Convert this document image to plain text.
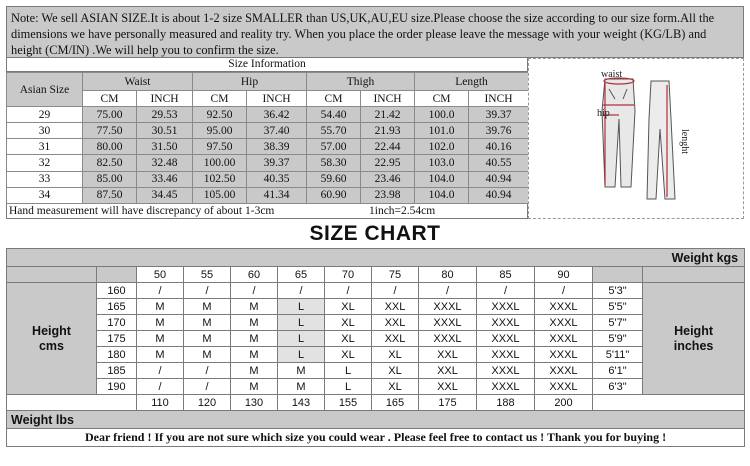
Note: We sell ASIAN SIZE.It is about 1-2 size SMALLER than US,UK,AU,EU size.Please choose the size according to our size form.All the dimensions we have personally measured and reality try. When you place the order please leave the message with your weight (KG/LB) and height (CM/IN) .We will help you to confirm the size.
Size Information
Asian Size	Waist		Hip		Thigh		Length	
	CM	INCH	CM	INCH	CM	INCH	CM	INCH
29	75.00	29.53	92.50	36.42	54.40	21.42	100.0	39.37
30	77.50	30.51	95.00	37.40	55.70	21.93	101.0	39.76
31	80.00	31.50	97.50	38.39	57.00	22.44	102.0	40.16
32	82.50	32.48	100.00	39.37	58.30	22.95	103.0	40.55
33	85.00	33.46	102.50	40.35	59.60	23.46	104.0	40.94
34	87.50	34.45	105.00	41.34	60.90	23.98	104.0	40.94
Hand measurement will have discrepancy of about 1-3cm	1inch=2.54cm
waist
hip
lenght
SIZE CHART
Weight kgs												
		50	55	60	65	70	75	80	85	90		
Height cms	160	/	/	/	/	/	/	/	/	/	5'3"	Height inches
	165	M	M	M	L	XL	XXL	XXXL	XXXL	XXXL	5'5"	
	170	M	M	M	L	XL	XXL	XXXL	XXXL	XXXL	5'7"	
	175	M	M	M	L	XL	XXL	XXXL	XXXL	XXXL	5'9"	
	180	M	M	M	L	XL	XL	XXL	XXXL	XXXL	5'11"	
	185	/	/	M	M	L	XL	XXL	XXXL	XXXL	6'1"	
	190	/	/	M	M	L	XL	XXL	XXXL	XXXL	6'3"	
		110	120	130	143	155	165	175	188	200		
Weight lbs												
Dear friend ! If you are not sure which size you could wear . Please feel free to contact us ! Thank you for buying !												
